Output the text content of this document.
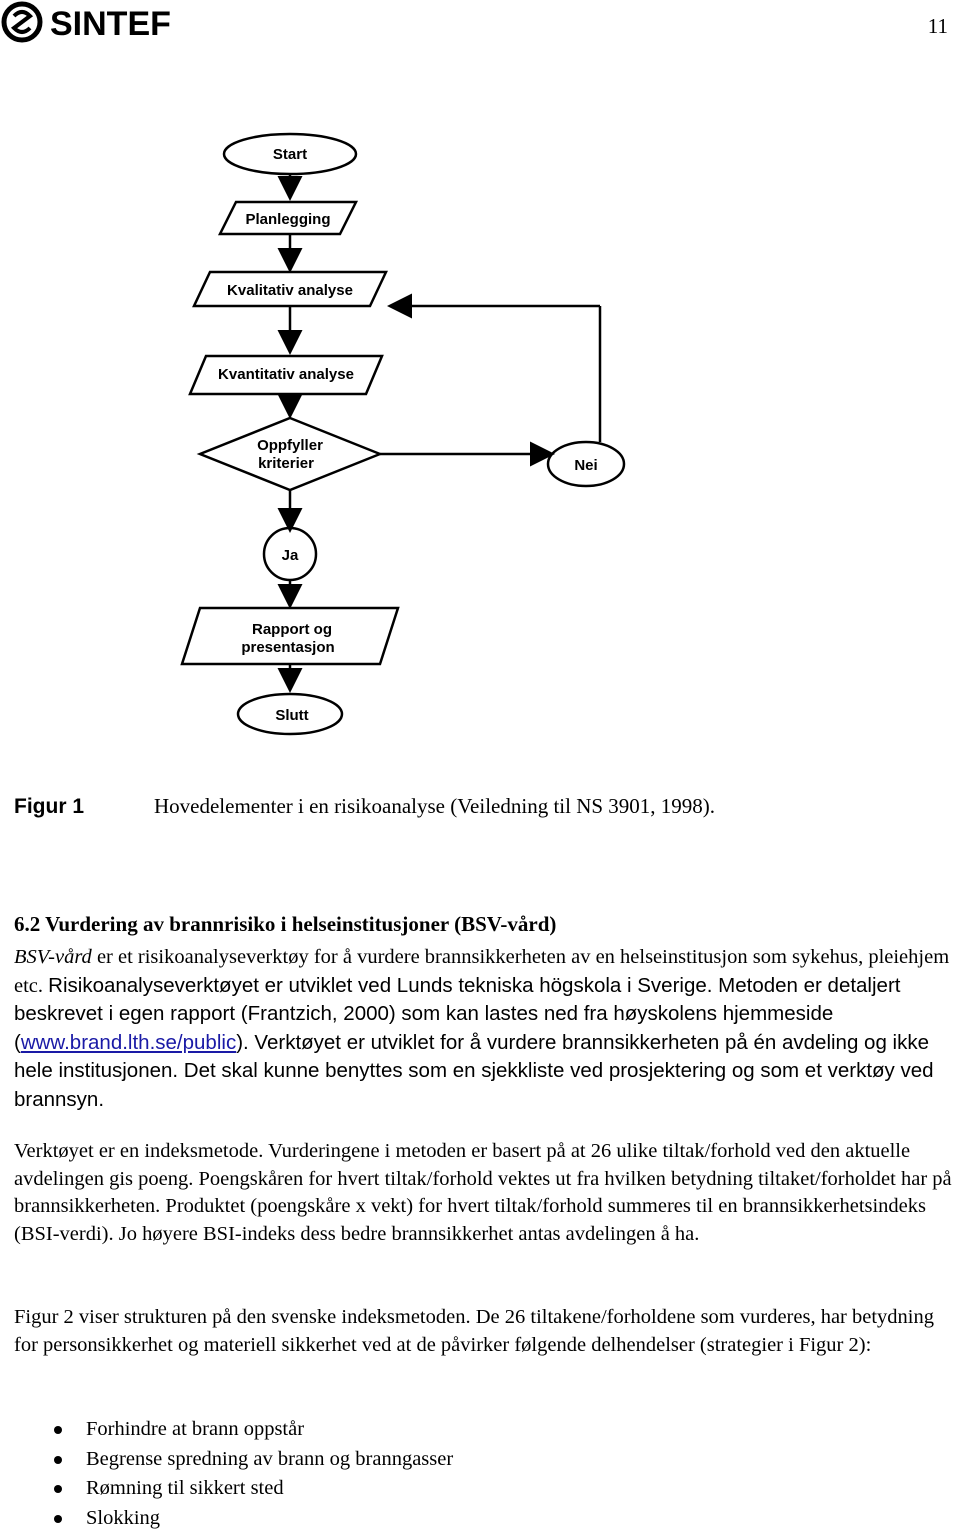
SINTEF	11
Start
Planlegging
Kvalitativ analyse
Kvantitativ analyse
Oppfyller
kriterier	Nei
Ja
Rapport og
presentasjon
Slutt
Figur 1	Hovedelementer i en risikoanalyse (Veiledning til NS 3901, 1998).
6.2 Vurdering av brannrisiko i helseinstitusjoner (BSV-vård)

BSV-vård er et risikoanalyseverktøy for å vurdere brannsikkerheten av en helseinstitusjon som sykehus, pleiehjem etc. Risikoanalyseverktøyet er utviklet ved Lunds tekniska högskola i Sverige. Metoden er detaljert beskrevet i egen rapport (Frantzich, 2000) som kan lastes ned fra høyskolens hjemmeside (www.brand.lth.se/public). Verktøyet er utviklet for å vurdere brannsikkerheten på én avdeling og ikke hele institusjonen. Det skal kunne benyttes som en sjekkliste ved prosjektering og som et verktøy ved brannsyn.

Verktøyet er en indeksmetode. Vurderingene i metoden er basert på at 26 ulike tiltak/forhold ved den aktuelle avdelingen gis poeng. Poengskåren for hvert tiltak/forhold vektes ut fra hvilken betydning tiltaket/forholdet har på brannsikkerheten. Produktet (poengskåre x vekt) for hvert tiltak/forhold summeres til en brannsikkerhetsindeks (BSI-verdi). Jo høyere BSI-indeks dess bedre brannsikkerhet antas avdelingen å ha.

Figur 2 viser strukturen på den svenske indeksmetoden. De 26 tiltakene/forholdene som vurderes, har betydning for personsikkerhet og materiell sikkerhet ved at de påvirker følgende delhendelser (strategier i Figur 2):

Forhindre at brann oppstår
Begrense spredning av brann og branngasser
Rømning til sikkert sted
Slokking
